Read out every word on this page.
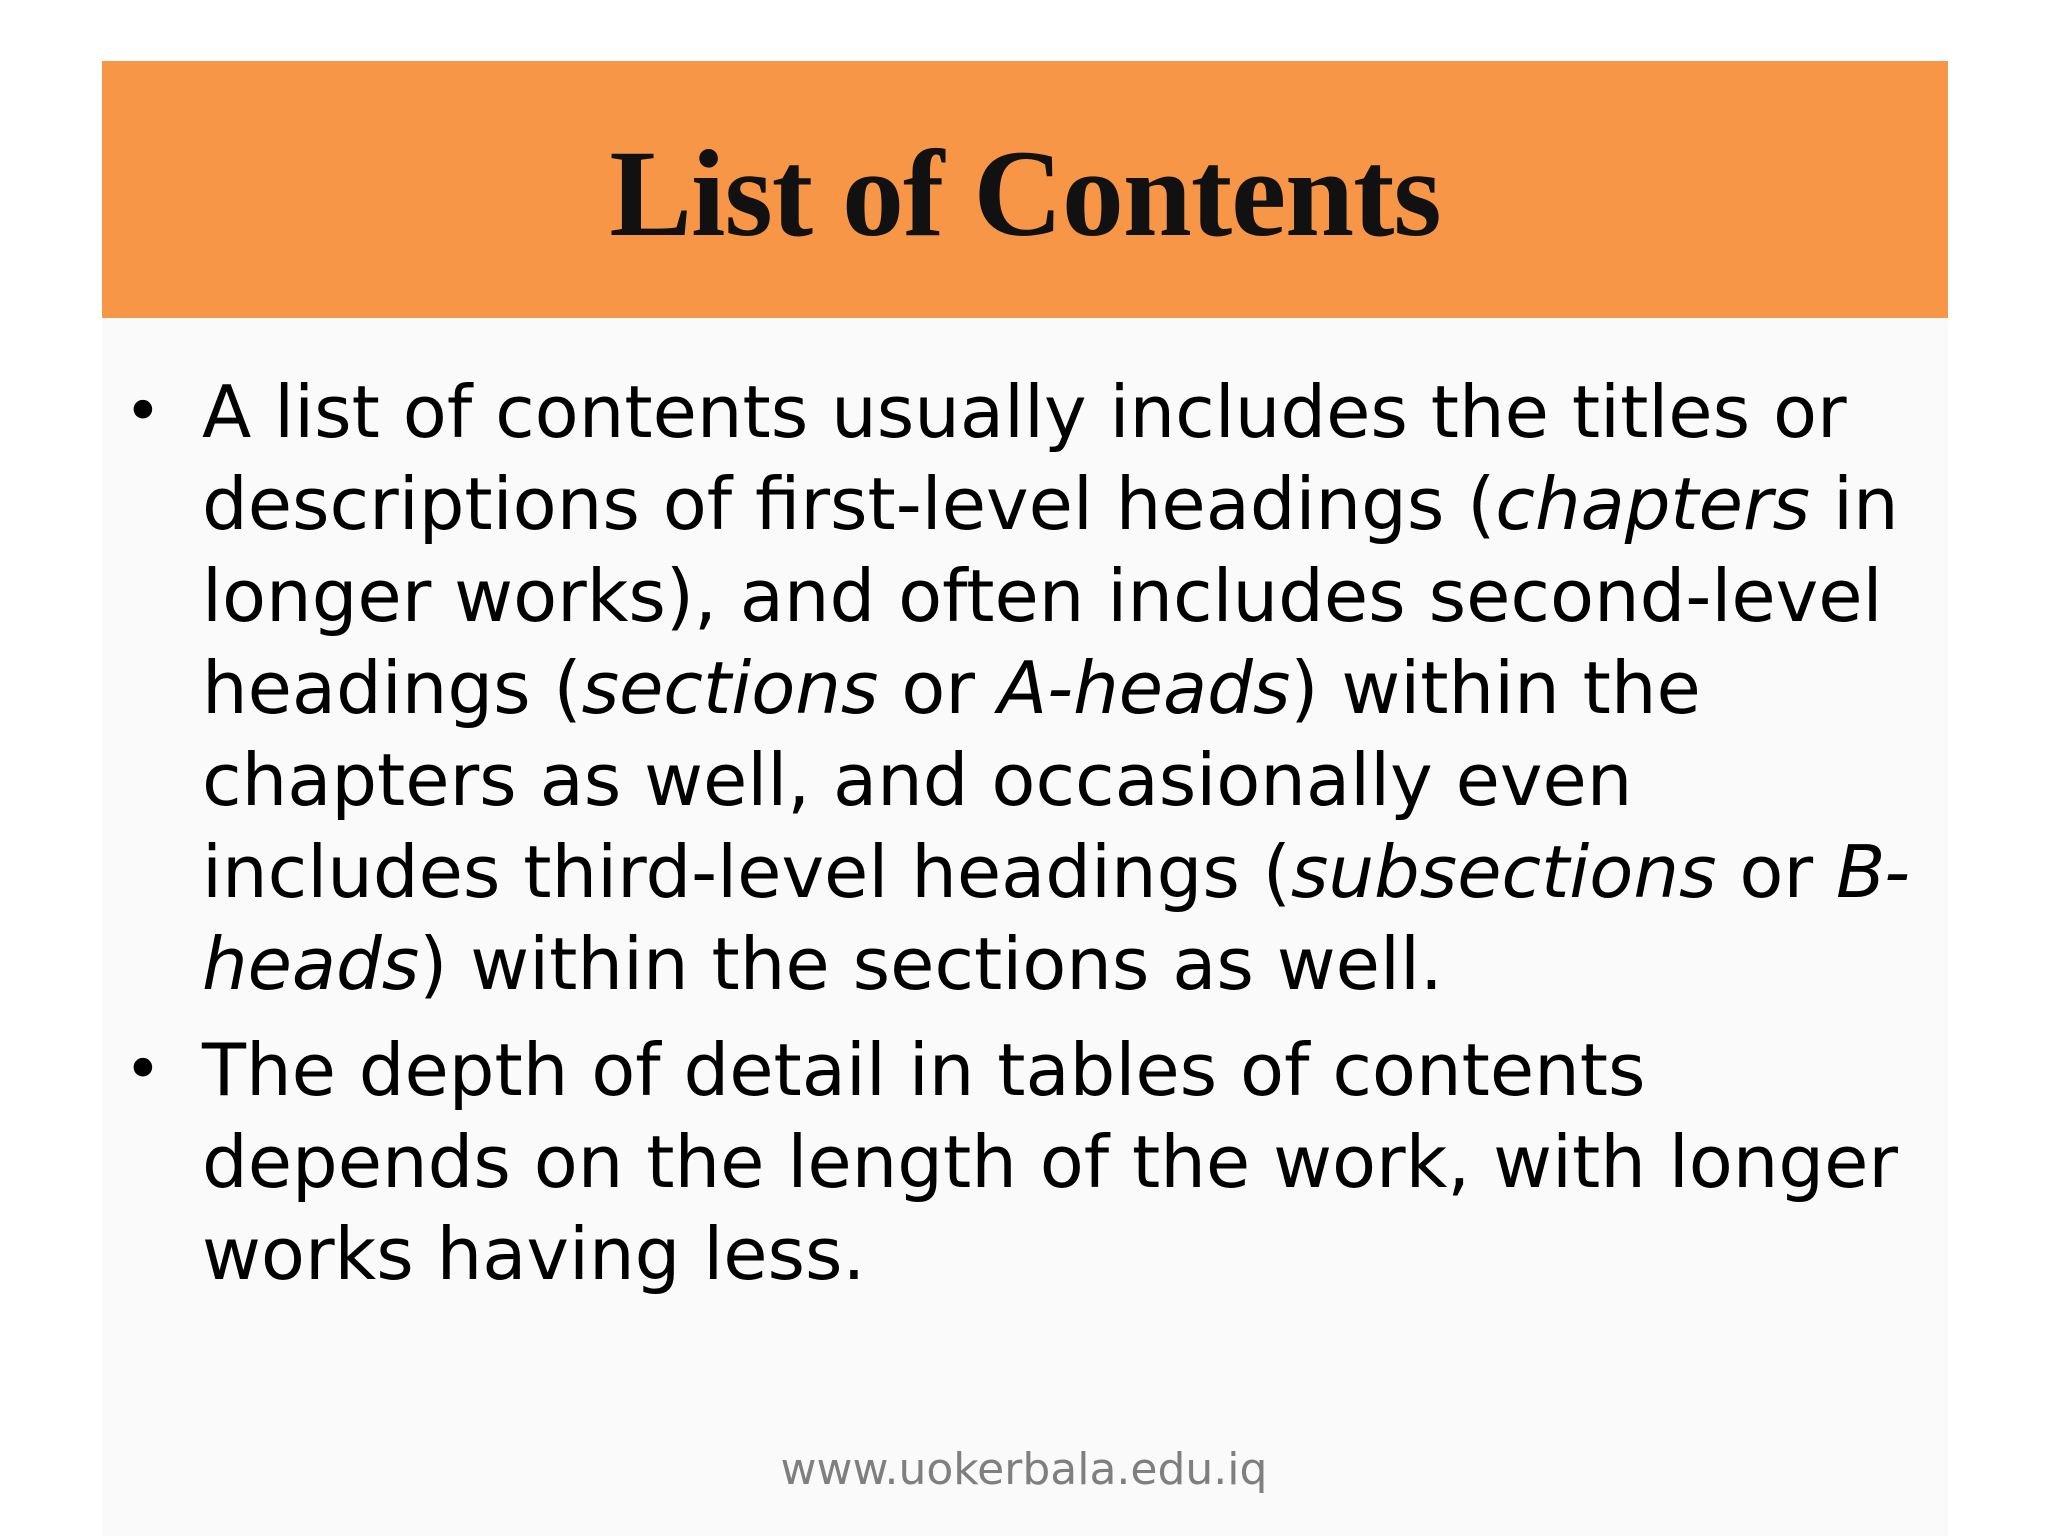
List of Contents
• A list of contents usually includes the titles or descriptions of first-level headings (chapters in longer works), and often includes second-level headings (sections or A-heads) within the chapters as well, and occasionally even includes third-level headings (subsections or B-heads) within the sections as well.
• The depth of detail in tables of contents depends on the length of the work, with longer works having less.
www.uokerbala.edu.iq
